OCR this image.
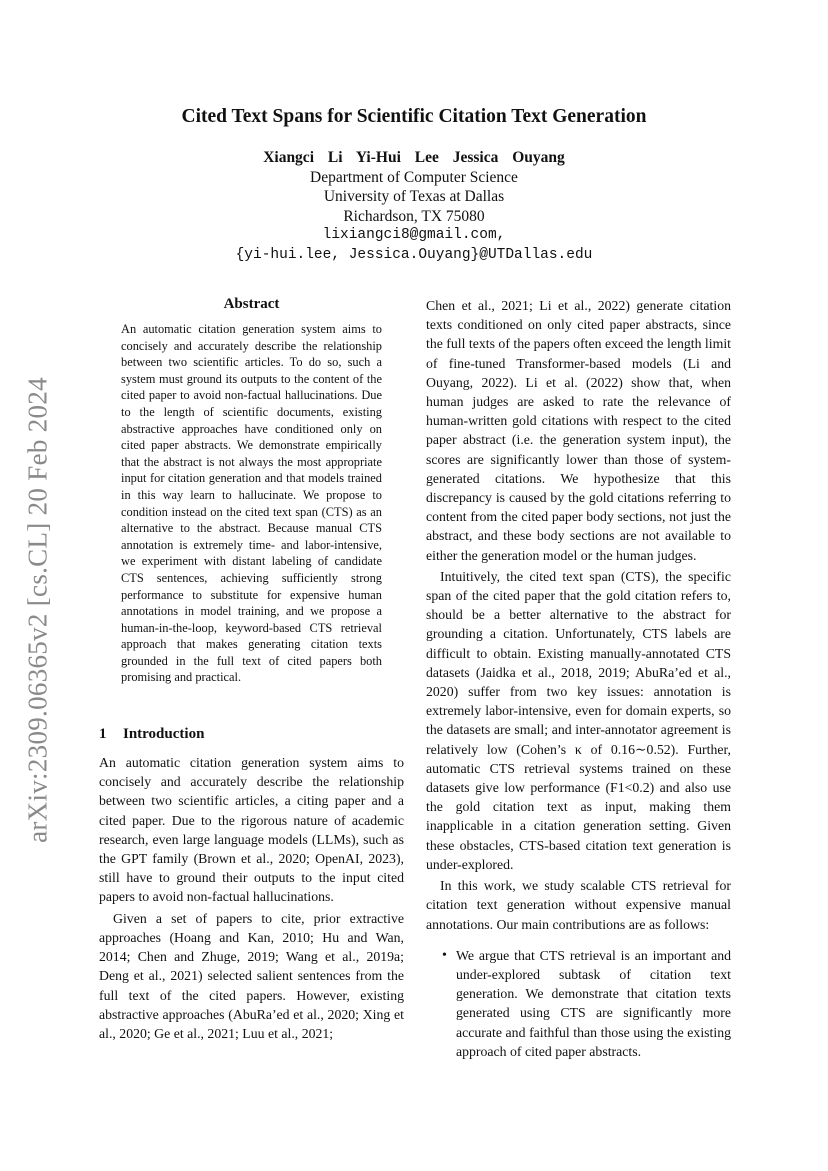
arXiv:2309.06365v2 [cs.CL] 20 Feb 2024
Cited Text Spans for Scientific Citation Text Generation
Xiangci Li Yi-Hui Lee Jessica Ouyang
Department of Computer Science
University of Texas at Dallas
Richardson, TX 75080
lixiangci8@gmail.com,
{yi-hui.lee, Jessica.Ouyang}@UTDallas.edu
Abstract

An automatic citation generation system aims to concisely and accurately describe the relationship between two scientific articles. To do so, such a system must ground its outputs to the content of the cited paper to avoid non-factual hallucinations. Due to the length of scientific documents, existing abstractive approaches have conditioned only on cited paper abstracts. We demonstrate empirically that the abstract is not always the most appropriate input for citation generation and that models trained in this way learn to hallucinate. We propose to condition instead on the cited text span (CTS) as an alternative to the abstract. Because manual CTS annotation is extremely time- and labor-intensive, we experiment with distant labeling of candidate CTS sentences, achieving sufficiently strong performance to substitute for expensive human annotations in model training, and we propose a human-in-the-loop, keyword-based CTS retrieval approach that makes generating citation texts grounded in the full text of cited papers both promising and practical.

1 Introduction

An automatic citation generation system aims to concisely and accurately describe the relationship between two scientific articles, a citing paper and a cited paper. Due to the rigorous nature of academic research, even large language models (LLMs), such as the GPT family (Brown et al., 2020; OpenAI, 2023), still have to ground their outputs to the input cited papers to avoid non-factual hallucinations.

Given a set of papers to cite, prior extractive approaches (Hoang and Kan, 2010; Hu and Wan, 2014; Chen and Zhuge, 2019; Wang et al., 2019a; Deng et al., 2021) selected salient sentences from the full text of the cited papers. However, existing abstractive approaches (AbuRa’ed et al., 2020; Xing et al., 2020; Ge et al., 2021; Luu et al., 2021;

Chen et al., 2021; Li et al., 2022) generate citation texts conditioned on only cited paper abstracts, since the full texts of the papers often exceed the length limit of fine-tuned Transformer-based models (Li and Ouyang, 2022). Li et al. (2022) show that, when human judges are asked to rate the relevance of human-written gold citations with respect to the cited paper abstract (i.e. the generation system input), the scores are significantly lower than those of system-generated citations. We hypothesize that this discrepancy is caused by the gold citations referring to content from the cited paper body sections, not just the abstract, and these body sections are not available to either the generation model or the human judges.

Intuitively, the cited text span (CTS), the specific span of the cited paper that the gold citation refers to, should be a better alternative to the abstract for grounding a citation. Unfortunately, CTS labels are difficult to obtain. Existing manually-annotated CTS datasets (Jaidka et al., 2018, 2019; AbuRa’ed et al., 2020) suffer from two key issues: annotation is extremely labor-intensive, even for domain experts, so the datasets are small; and inter-annotator agreement is relatively low (Cohen’s κ of 0.16∼0.52). Further, automatic CTS retrieval systems trained on these datasets give low performance (F1<0.2) and also use the gold citation text as input, making them inapplicable in a citation generation setting. Given these obstacles, CTS-based citation text generation is under-explored.

In this work, we study scalable CTS retrieval for citation text generation without expensive manual annotations. Our main contributions are as follows:

• We argue that CTS retrieval is an important and under-explored subtask of citation text generation. We demonstrate that citation texts generated using CTS are significantly more accurate and faithful than those using the existing approach of cited paper abstracts.
